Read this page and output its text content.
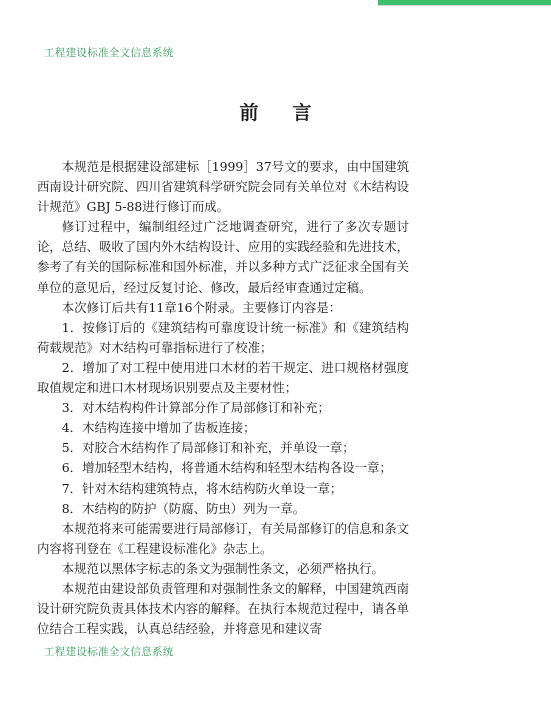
工程建设标准全文信息系统
前言

本规范是根据建设部建标［1999］37号文的要求，由中国建筑西南设计研究院、四川省建筑科学研究院会同有关单位对《木结构设计规范》GBJ 5-88进行修订而成。

修订过程中，编制组经过广泛地调查研究，进行了多次专题讨论，总结、吸收了国内外木结构设计、应用的实践经验和先进技术，参考了有关的国际标准和国外标准，并以多种方式广泛征求全国有关单位的意见后，经过反复讨论、修改，最后经审查通过定稿。

本次修订后共有11章16个附录。主要修订内容是：

1．按修订后的《建筑结构可靠度设计统一标准》和《建筑结构荷载规范》对木结构可靠指标进行了校准；

2．增加了对工程中使用进口木材的若干规定、进口规格材强度取值规定和进口木材现场识别要点及主要材性；

3．对木结构构件计算部分作了局部修订和补充；

4．木结构连接中增加了齿板连接；

5．对胶合木结构作了局部修订和补充，并单设一章；

6．增加轻型木结构，将普通木结构和轻型木结构各设一章；

7．针对木结构建筑特点，将木结构防火单设一章；

8．木结构的防护（防腐、防虫）列为一章。

本规范将来可能需要进行局部修订，有关局部修订的信息和条文内容将刊登在《工程建设标准化》杂志上。

本规范以黑体字标志的条文为强制性条文，必须严格执行。

本规范由建设部负责管理和对强制性条文的解释，中国建筑西南设计研究院负责具体技术内容的解释。在执行本规范过程中，请各单位结合工程实践，认真总结经验，并将意见和建议寄

工程建设标准全文信息系统
